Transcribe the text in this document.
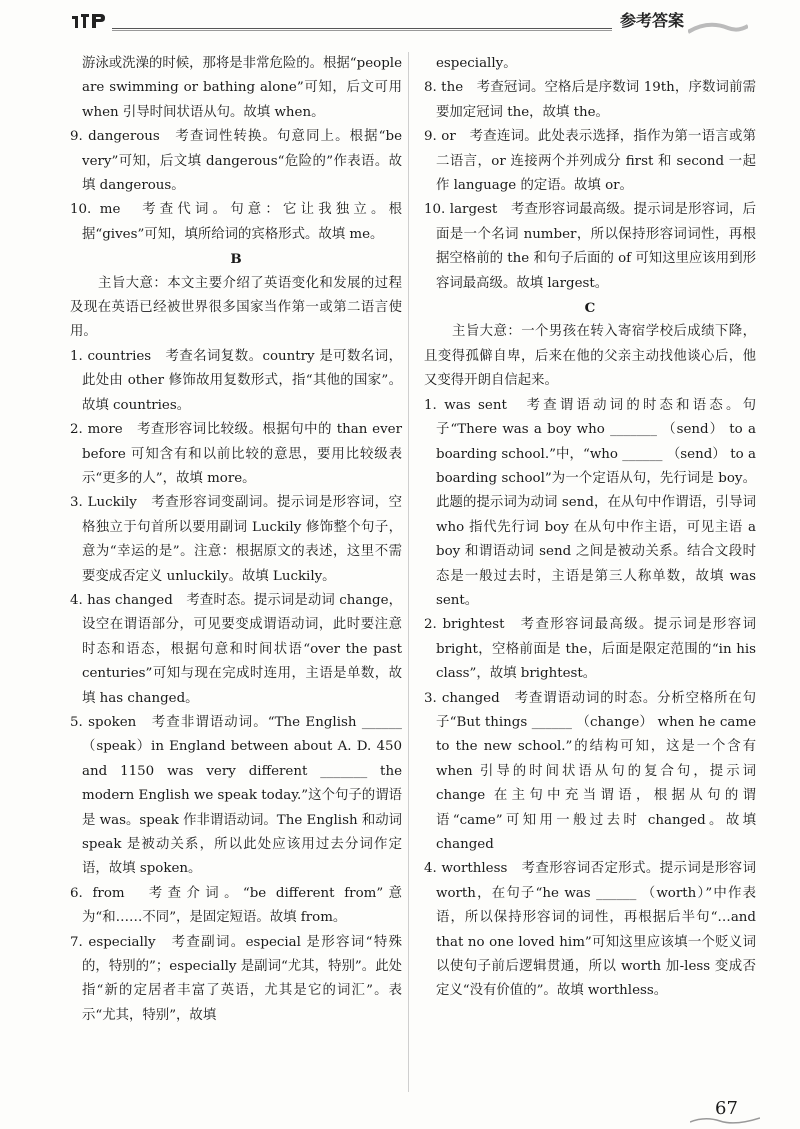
参考答案
游泳或洗澡的时候，那将是非常危险的。根据“people are swimming or bathing alone”可知，后文可用 when 引导时间状语从句。故填 when。
9. dangerous　考查词性转换。句意同上。根据“be very”可知，后文填 dangerous“危险的”作表语。故填 dangerous。
10. me　考查代词。句意：它让我独立。根据“gives”可知，填所给词的宾格形式。故填 me。
B
主旨大意：本文主要介绍了英语变化和发展的过程及现在英语已经被世界很多国家当作第一或第二语言使用。
1. countries　考查名词复数。country 是可数名词，此处由 other 修饰故用复数形式，指“其他的国家”。故填 countries。
2. more　考查形容词比较级。根据句中的 than ever before 可知含有和以前比较的意思，要用比较级表示“更多的人”，故填 more。
3. Luckily　考查形容词变副词。提示词是形容词，空格独立于句首所以要用副词 Luckily 修饰整个句子，意为“幸运的是”。注意：根据原文的表述，这里不需要变成否定义 unluckily。故填 Luckily。
4. has changed　考查时态。提示词是动词 change，设空在谓语部分，可见要变成谓语动词，此时要注意时态和语态，根据句意和时间状语“over the past centuries”可知与现在完成时连用，主语是单数，故填 has changed。
5. spoken　考查非谓语动词。“The English ______（speak）in England between about A. D. 450 and 1150 was very different _______ the modern English we speak today.”这个句子的谓语是 was。speak 作非谓语动词。The English 和动词 speak 是被动关系，所以此处应该用过去分词作定语，故填 spoken。
6. from　考查介词。“be different from”意为“和……不同”，是固定短语。故填 from。
7. especially　考查副词。especial 是形容词“特殊的，特别的”；especially 是副词“尤其，特别”。此处指“新的定居者丰富了英语，尤其是它的词汇”。表示“尤其，特别”，故填
especially。
8. the　考查冠词。空格后是序数词 19th，序数词前需要加定冠词 the，故填 the。
9. or　考查连词。此处表示选择，指作为第一语言或第二语言，or 连接两个并列成分 first 和 second 一起作 language 的定语。故填 or。
10. largest　考查形容词最高级。提示词是形容词，后面是一个名词 number，所以保持形容词词性，再根据空格前的 the 和句子后面的 of 可知这里应该用到形容词最高级。故填 largest。
C
主旨大意：一个男孩在转入寄宿学校后成绩下降，且变得孤僻自卑，后来在他的父亲主动找他谈心后，他又变得开朗自信起来。
1. was sent　考查谓语动词的时态和语态。句子“There was a boy who _______ （send） to a boarding school.”中，“who ______ （send） to a boarding school”为一个定语从句，先行词是 boy。此题的提示词为动词 send，在从句中作谓语，引导词 who 指代先行词 boy 在从句中作主语，可见主语 a boy 和谓语动词 send 之间是被动关系。结合文段时态是一般过去时，主语是第三人称单数，故填 was sent。
2. brightest　考查形容词最高级。提示词是形容词 bright，空格前面是 the，后面是限定范围的“in his class”，故填 brightest。
3. changed　考查谓语动词的时态。分析空格所在句子“But things ______ （change） when he came to the new school.”的结构可知，这是一个含有 when 引导的时间状语从句的复合句，提示词 change 在主句中充当谓语，根据从句的谓语“came”可知用一般过去时 changed。故填 changed
4. worthless　考查形容词否定形式。提示词是形容词 worth，在句子“he was ______ （worth）”中作表语，所以保持形容词的词性，再根据后半句“…and that no one loved him”可知这里应该填一个贬义词以使句子前后逻辑贯通，所以 worth 加-less 变成否定义“没有价值的”。故填 worthless。
67
